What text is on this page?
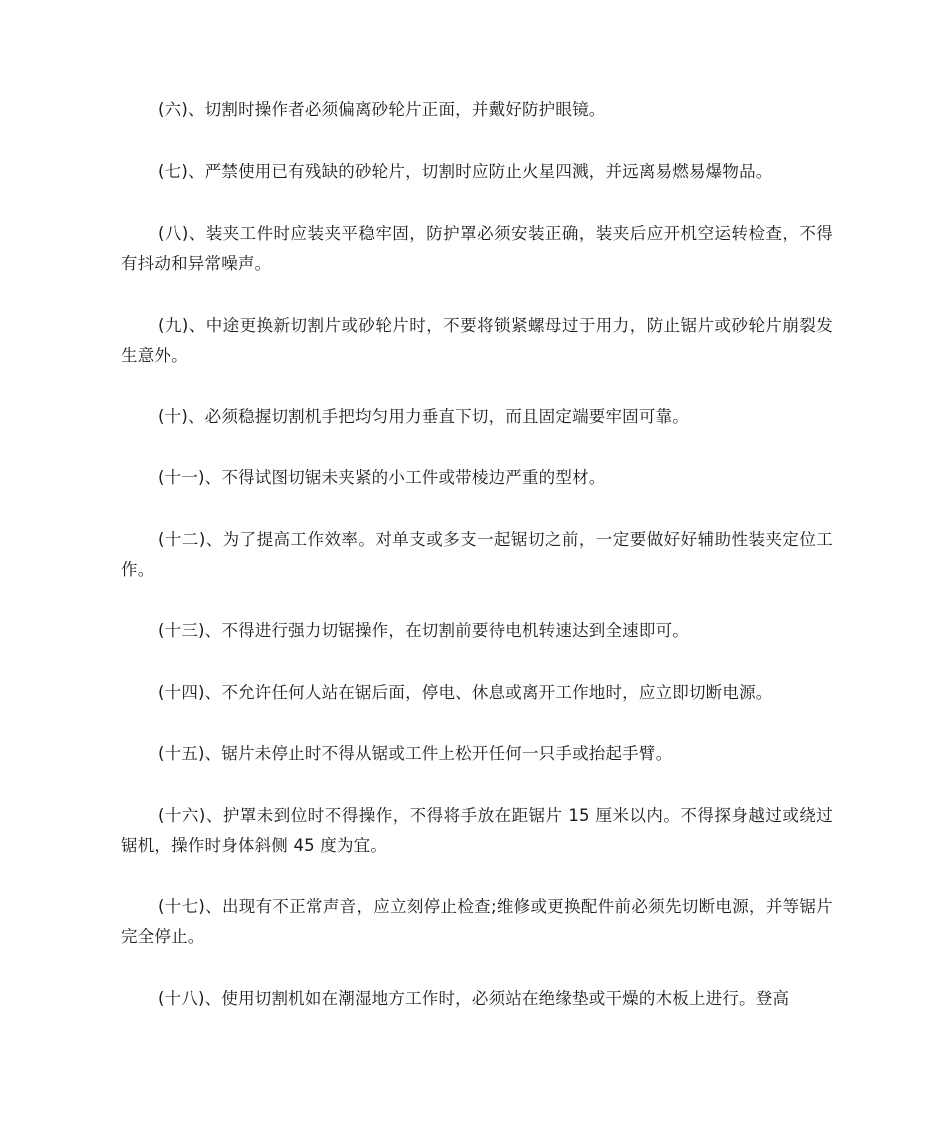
(六)、切割时操作者必须偏离砂轮片正面，并戴好防护眼镜。

(七)、严禁使用已有残缺的砂轮片，切割时应防止火星四溅，并远离易燃易爆物品。

(八)、装夹工件时应装夹平稳牢固，防护罩必须安装正确，装夹后应开机空运转检查，不得有抖动和异常噪声。

(九)、中途更换新切割片或砂轮片时，不要将锁紧螺母过于用力，防止锯片或砂轮片崩裂发生意外。

(十)、必须稳握切割机手把均匀用力垂直下切，而且固定端要牢固可靠。

(十一)、不得试图切锯未夹紧的小工件或带棱边严重的型材。

(十二)、为了提高工作效率。对单支或多支一起锯切之前，一定要做好好辅助性装夹定位工作。

(十三)、不得进行强力切锯操作，在切割前要待电机转速达到全速即可。

(十四)、不允许任何人站在锯后面，停电、休息或离开工作地时，应立即切断电源。

(十五)、锯片未停止时不得从锯或工件上松开任何一只手或抬起手臂。

(十六)、护罩未到位时不得操作，不得将手放在距锯片 15 厘米以内。不得探身越过或绕过锯机，操作时身体斜侧 45 度为宜。

(十七)、出现有不正常声音，应立刻停止检查;维修或更换配件前必须先切断电源，并等锯片完全停止。

(十八)、使用切割机如在潮湿地方工作时，必须站在绝缘垫或干燥的木板上进行。登高
